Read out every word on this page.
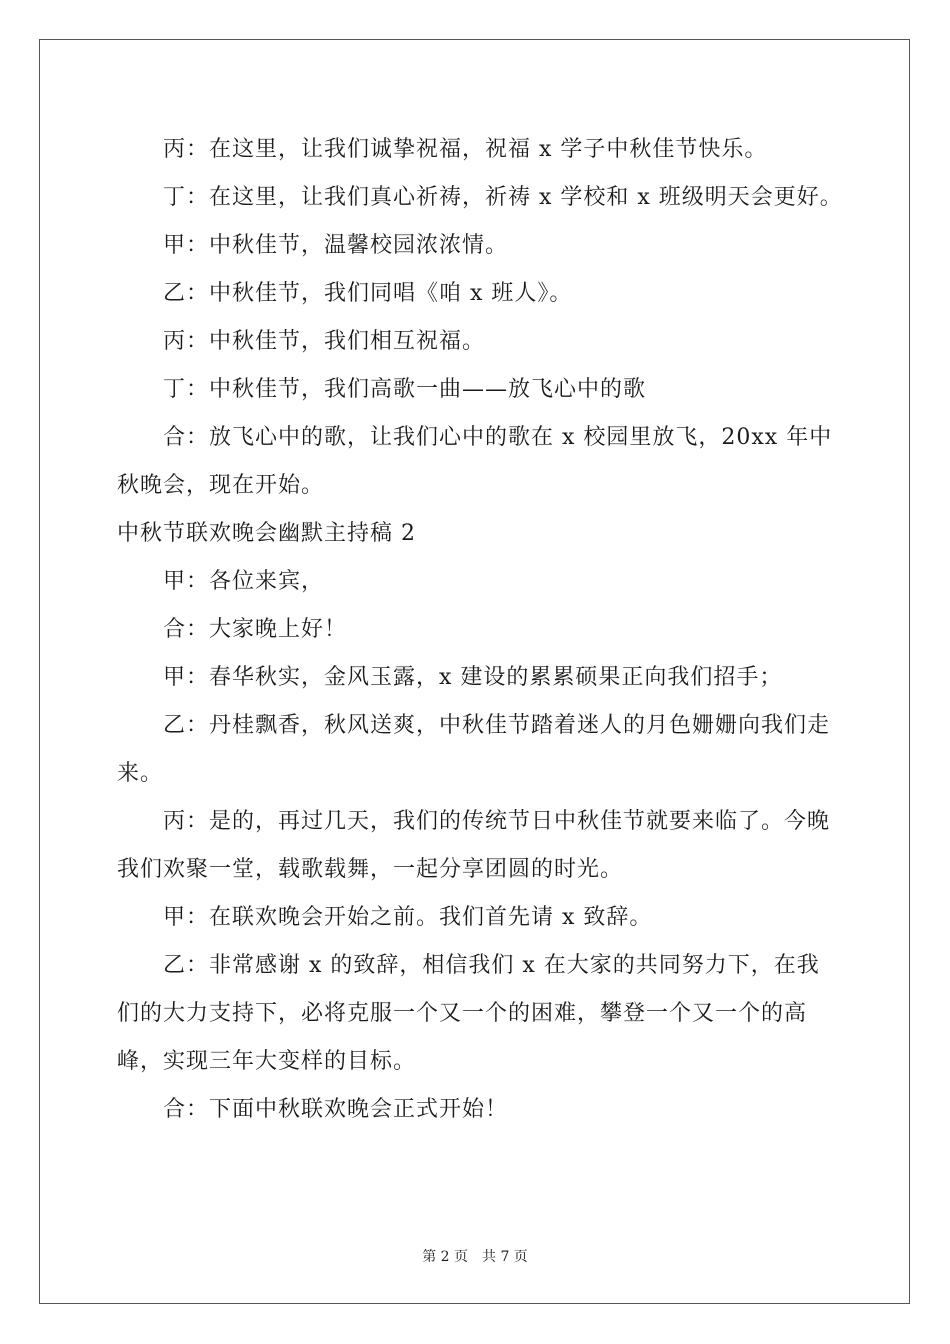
丙：在这里，让我们诚挚祝福，祝福 x 学子中秋佳节快乐。

丁：在这里，让我们真心祈祷，祈祷 x 学校和 x 班级明天会更好。

甲：中秋佳节，温馨校园浓浓情。

乙：中秋佳节，我们同唱《咱 x 班人》。

丙：中秋佳节，我们相互祝福。

丁：中秋佳节，我们高歌一曲——放飞心中的歌

合：放飞心中的歌，让我们心中的歌在 x 校园里放飞，20xx 年中秋晚会，现在开始。

中秋节联欢晚会幽默主持稿 2

甲：各位来宾，

合：大家晚上好！

甲：春华秋实，金风玉露，x 建设的累累硕果正向我们招手；

乙：丹桂飘香，秋风送爽，中秋佳节踏着迷人的月色姗姗向我们走来。

丙：是的，再过几天，我们的传统节日中秋佳节就要来临了。今晚我们欢聚一堂，载歌载舞，一起分享团圆的时光。

甲：在联欢晚会开始之前。我们首先请 x 致辞。

乙：非常感谢 x 的致辞，相信我们 x 在大家的共同努力下，在我们的大力支持下，必将克服一个又一个的困难，攀登一个又一个的高峰，实现三年大变样的目标。

合：下面中秋联欢晚会正式开始！

第 2 页　共 7 页
